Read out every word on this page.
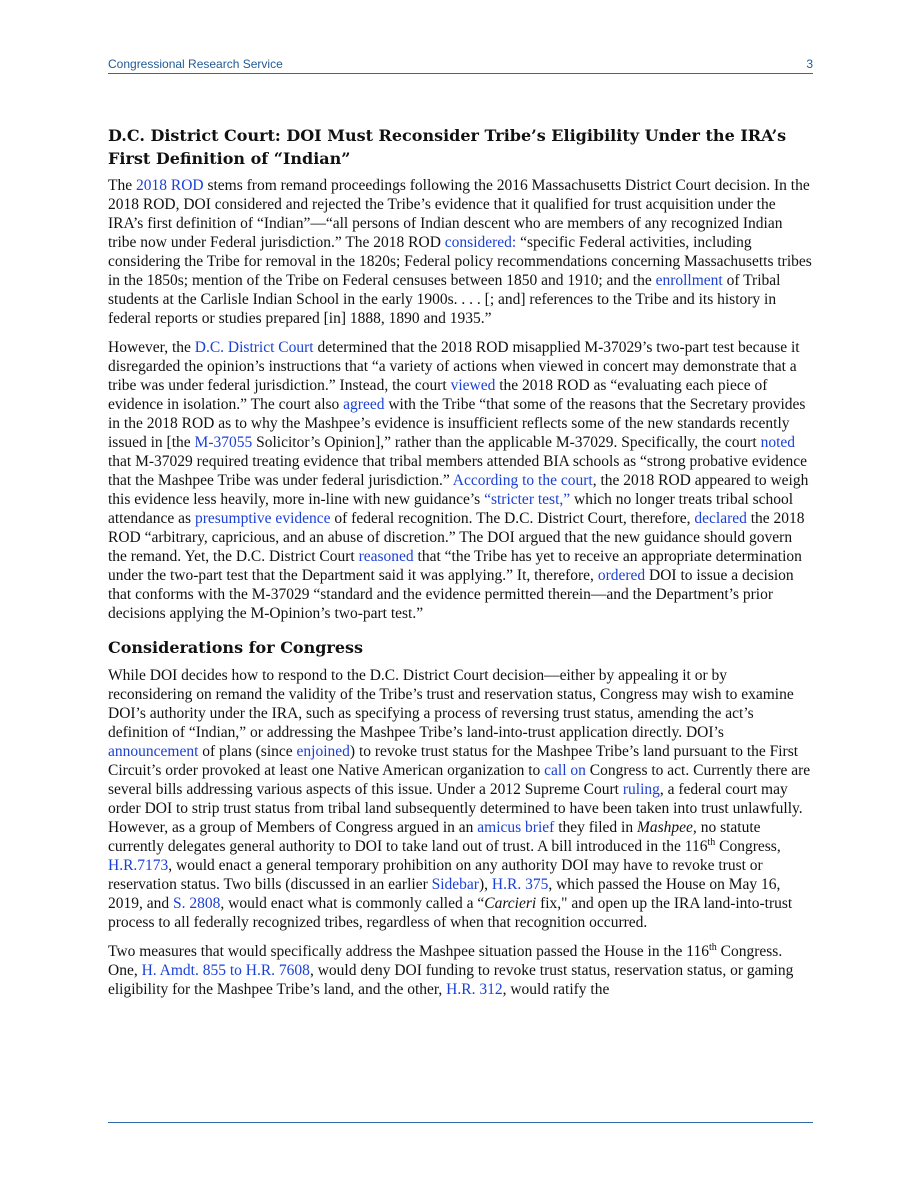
Congressional Research Service	3
D.C. District Court: DOI Must Reconsider Tribe’s Eligibility Under the IRA’s First Definition of “Indian”

The 2018 ROD stems from remand proceedings following the 2016 Massachusetts District Court decision. In the 2018 ROD, DOI considered and rejected the Tribe’s evidence that it qualified for trust acquisition under the IRA’s first definition of “Indian”—“all persons of Indian descent who are members of any recognized Indian tribe now under Federal jurisdiction.” The 2018 ROD considered: “specific Federal activities, including considering the Tribe for removal in the 1820s; Federal policy recommendations concerning Massachusetts tribes in the 1850s; mention of the Tribe on Federal censuses between 1850 and 1910; and the enrollment of Tribal students at the Carlisle Indian School in the early 1900s. . . . [; and] references to the Tribe and its history in federal reports or studies prepared [in] 1888, 1890 and 1935.”

However, the D.C. District Court determined that the 2018 ROD misapplied M-37029’s two-part test because it disregarded the opinion’s instructions that “a variety of actions when viewed in concert may demonstrate that a tribe was under federal jurisdiction.” Instead, the court viewed the 2018 ROD as “evaluating each piece of evidence in isolation.” The court also agreed with the Tribe “that some of the reasons that the Secretary provides in the 2018 ROD as to why the Mashpee’s evidence is insufficient reflects some of the new standards recently issued in [the M-37055 Solicitor’s Opinion],” rather than the applicable M-37029. Specifically, the court noted that M-37029 required treating evidence that tribal members attended BIA schools as “strong probative evidence that the Mashpee Tribe was under federal jurisdiction.” According to the court, the 2018 ROD appeared to weigh this evidence less heavily, more in-line with new guidance’s “stricter test,” which no longer treats tribal school attendance as presumptive evidence of federal recognition. The D.C. District Court, therefore, declared the 2018 ROD “arbitrary, capricious, and an abuse of discretion.” The DOI argued that the new guidance should govern the remand. Yet, the D.C. District Court reasoned that “the Tribe has yet to receive an appropriate determination under the two-part test that the Department said it was applying.” It, therefore, ordered DOI to issue a decision that conforms with the M-37029 “standard and the evidence permitted therein—and the Department’s prior decisions applying the M-Opinion’s two-part test.”

Considerations for Congress

While DOI decides how to respond to the D.C. District Court decision—either by appealing it or by reconsidering on remand the validity of the Tribe’s trust and reservation status, Congress may wish to examine DOI’s authority under the IRA, such as specifying a process of reversing trust status, amending the act’s definition of “Indian,” or addressing the Mashpee Tribe’s land-into-trust application directly. DOI’s announcement of plans (since enjoined) to revoke trust status for the Mashpee Tribe’s land pursuant to the First Circuit’s order provoked at least one Native American organization to call on Congress to act. Currently there are several bills addressing various aspects of this issue. Under a 2012 Supreme Court ruling, a federal court may order DOI to strip trust status from tribal land subsequently determined to have been taken into trust unlawfully. However, as a group of Members of Congress argued in an amicus brief they filed in Mashpee, no statute currently delegates general authority to DOI to take land out of trust. A bill introduced in the 116th Congress, H.R.7173, would enact a general temporary prohibition on any authority DOI may have to revoke trust or reservation status. Two bills (discussed in an earlier Sidebar), H.R. 375, which passed the House on May 16, 2019, and S. 2808, would enact what is commonly called a “Carcieri fix," and open up the IRA land-into-trust process to all federally recognized tribes, regardless of when that recognition occurred.

Two measures that would specifically address the Mashpee situation passed the House in the 116th Congress. One, H. Amdt. 855 to H.R. 7608, would deny DOI funding to revoke trust status, reservation status, or gaming eligibility for the Mashpee Tribe’s land, and the other, H.R. 312, would ratify the
